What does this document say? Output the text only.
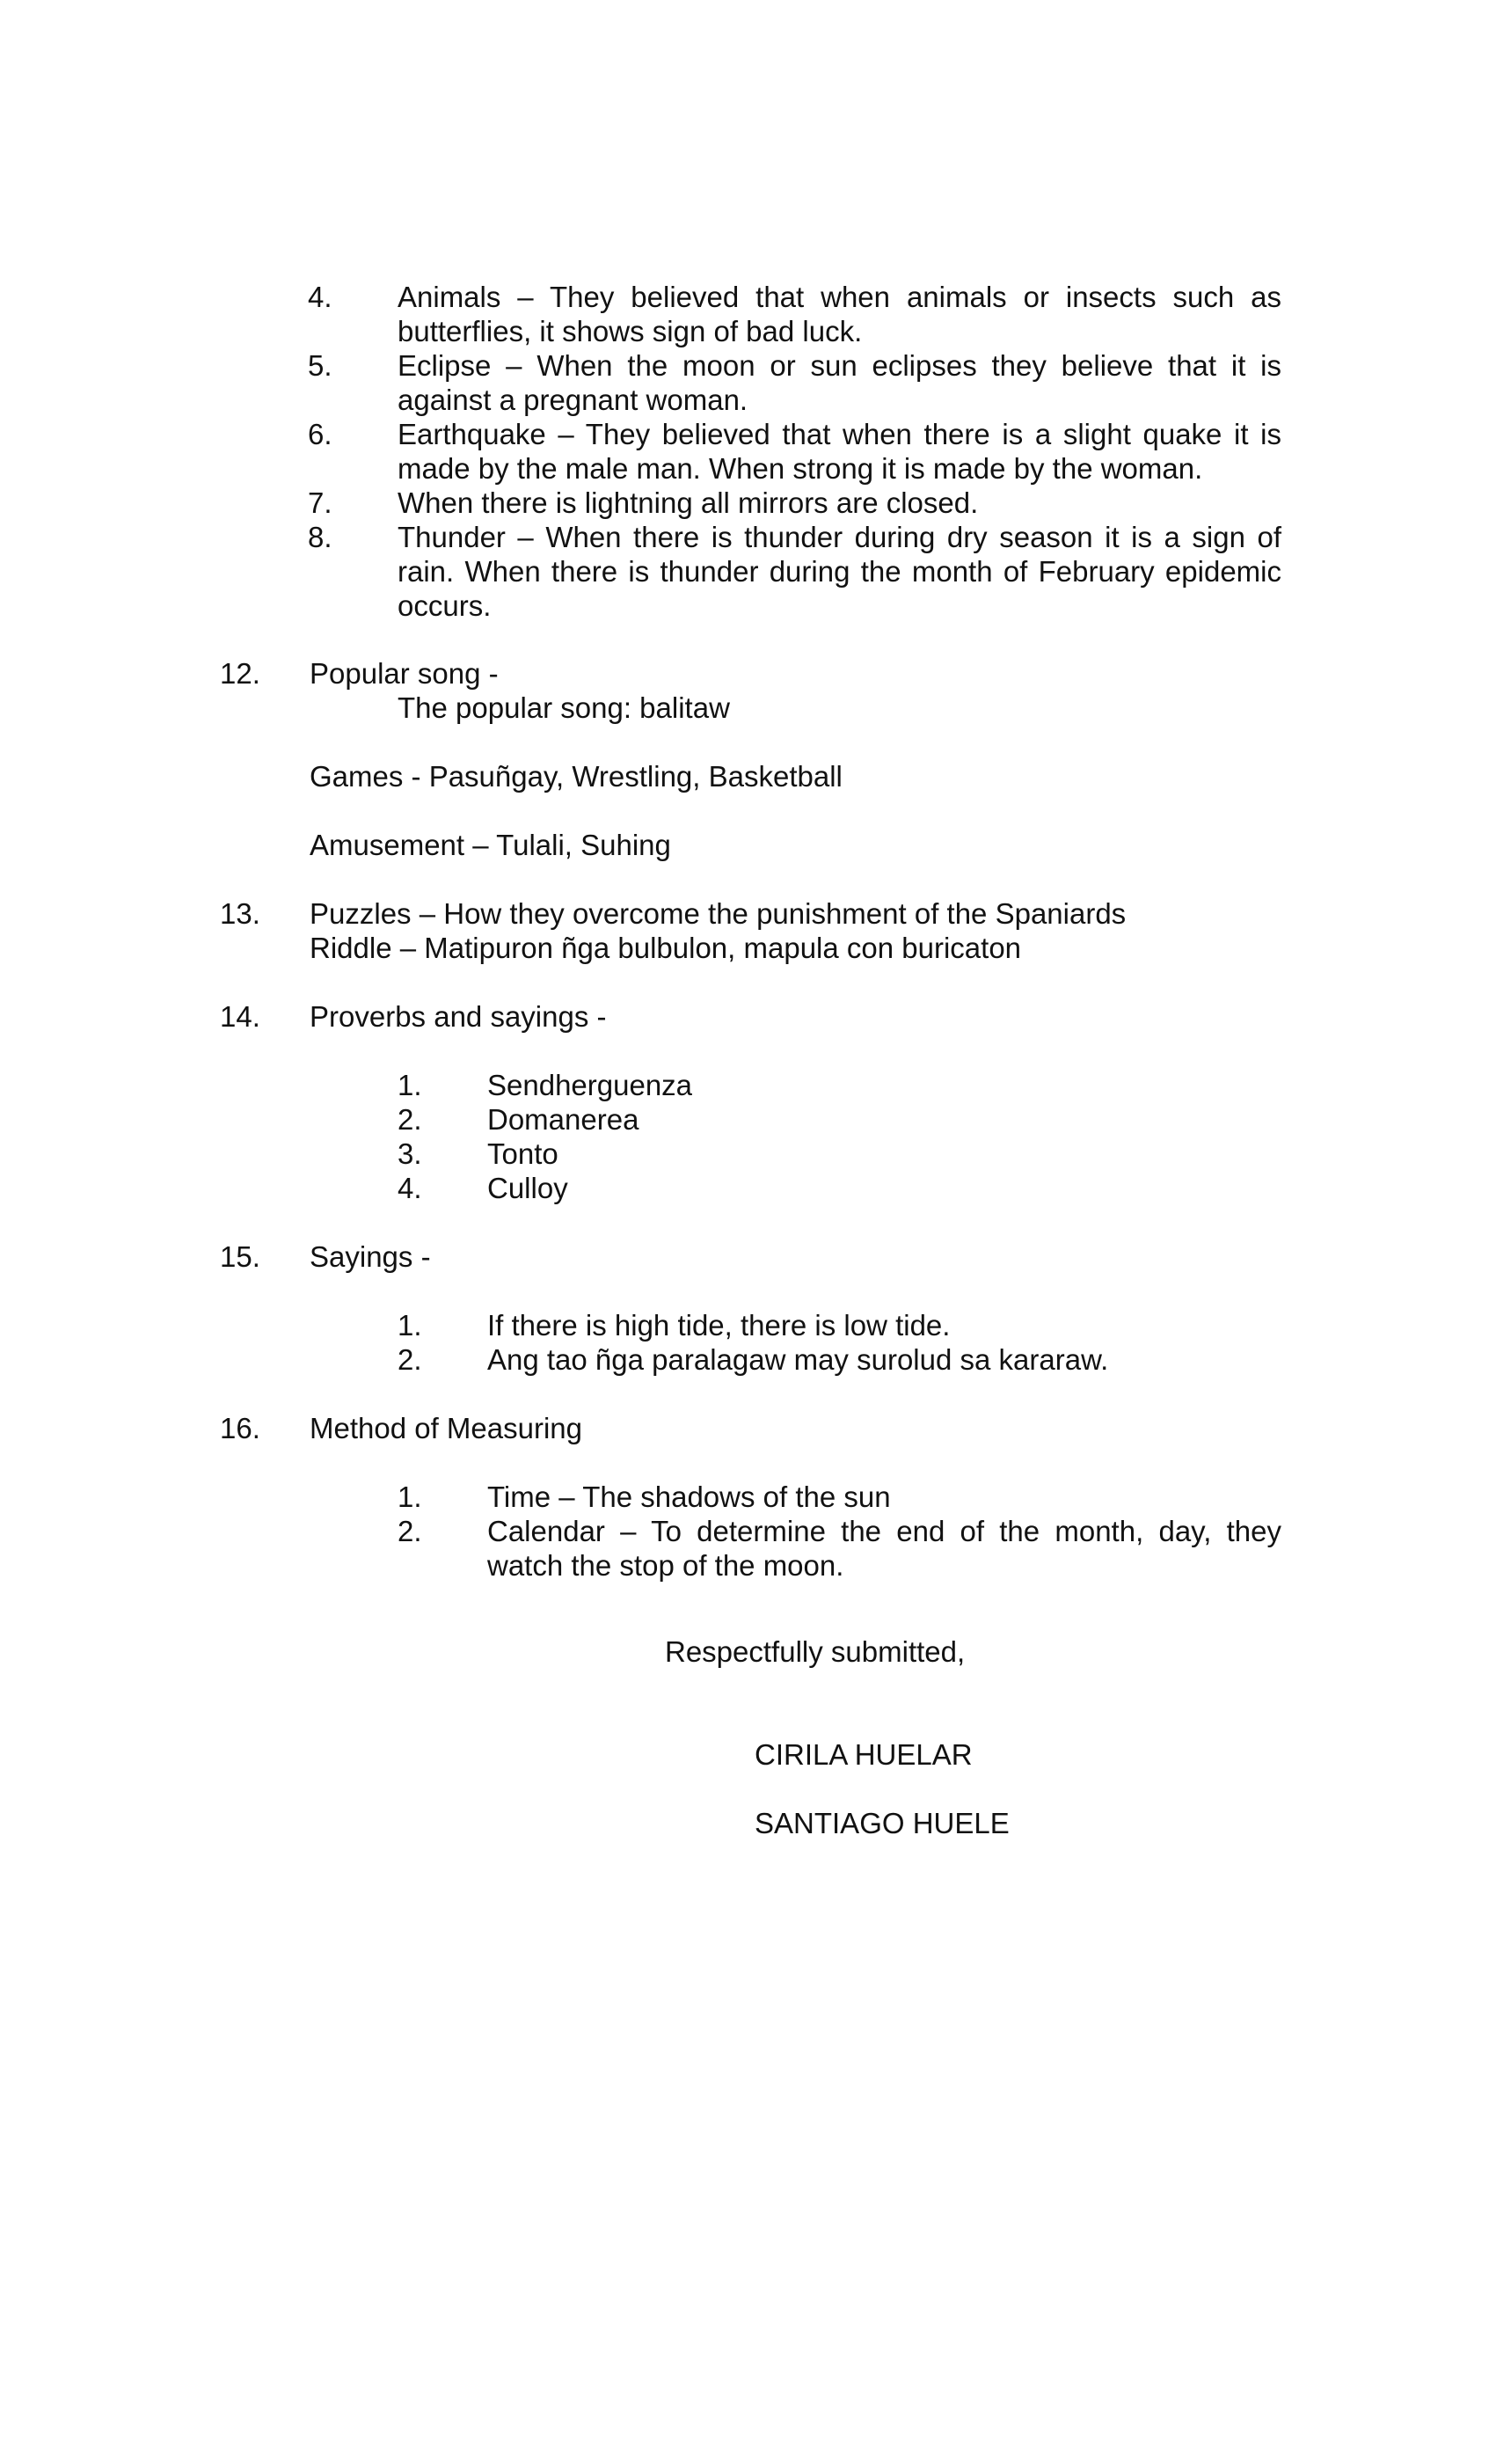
4. Animals – They believed that when animals or insects such as
butterflies, it shows sign of bad luck.
5. Eclipse – When the moon or sun eclipses they believe that it is
against a pregnant woman.
6. Earthquake – They believed that when there is a slight quake it is
made by the male man. When strong it is made by the woman.
7. When there is lightning all mirrors are closed.
8. Thunder – When there is thunder during dry season it is a sign of
rain. When there is thunder during the month of February epidemic
occurs.
12. Popular song -
The popular song: balitaw
Games - Pasuñgay, Wrestling, Basketball
Amusement – Tulali, Suhing
13. Puzzles – How they overcome the punishment of the Spaniards
Riddle – Matipuron ñga bulbulon, mapula con buricaton
14. Proverbs and sayings -
1. Sendherguenza
2. Domanerea
3. Tonto
4. Culloy
15. Sayings -
1. If there is high tide, there is low tide.
2. Ang tao ñga paralagaw may surolud sa kararaw.
16. Method of Measuring
1. Time – The shadows of the sun
2. Calendar – To determine the end of the month, day, they
watch the stop of the moon.
Respectfully submitted,
CIRILA HUELAR
SANTIAGO HUELE
